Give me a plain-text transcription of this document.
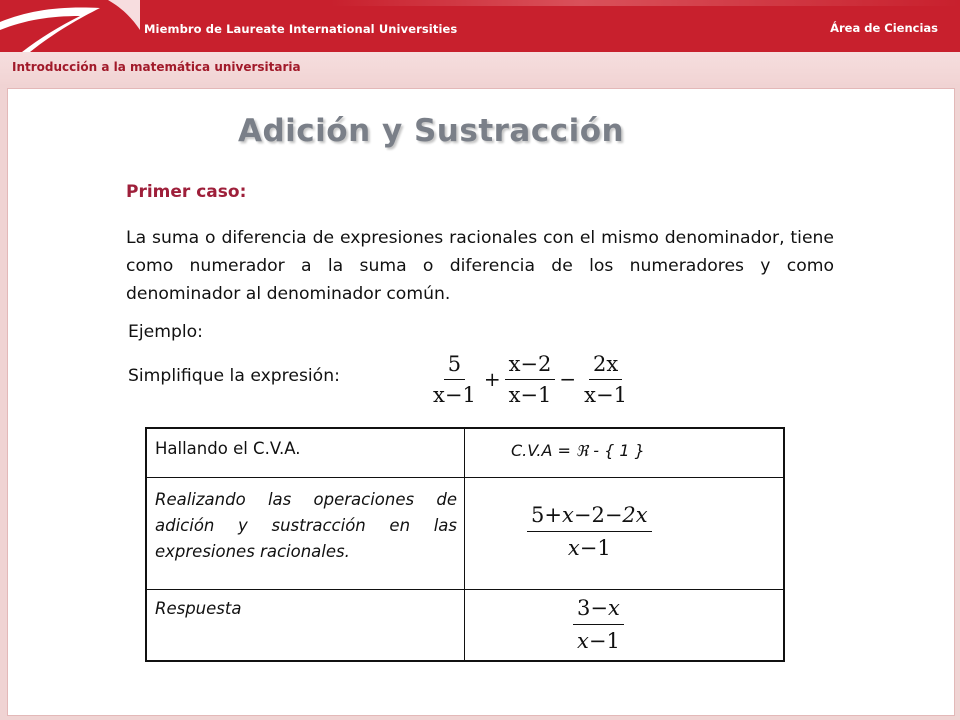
Miembro de Laureate International Universities	Área de Ciencias
Introducción a la matemática universitaria
Adición y Sustracción
Primer caso:
La suma o diferencia de expresiones racionales con el mismo denominador, tiene como numerador a la suma o diferencia de los numeradores y como denominador al denominador común.
Ejemplo:
Simplifique la expresión:	$\frac{5}{x-1} + \frac{x-2}{x-1} - \frac{2x}{x-1}$
Hallando el C.V.A.	C.V.A = ℜ - { 1 }
Realizando las operaciones de adición y sustracción en las expresiones racionales.	$\frac{5+x-2-2x}{x-1}$
Respuesta	$\frac{3-x}{x-1}$
